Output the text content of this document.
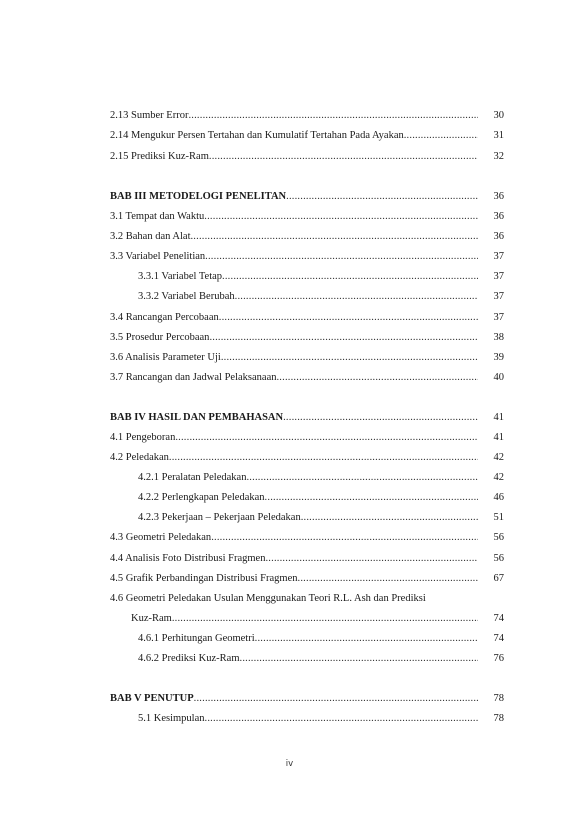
2.13 Sumber Error .....	30
2.14 Mengukur Persen Tertahan dan Kumulatif Tertahan Pada Ayakan .....	31
2.15 Prediksi Kuz-Ram .....	32
BAB III METODELOGI PENELITAN .....	36
3.1 Tempat dan Waktu .....	36
3.2 Bahan dan Alat .....	36
3.3 Variabel Penelitian .....	37
3.3.1 Variabel Tetap .....	37
3.3.2 Variabel Berubah .....	37
3.4 Rancangan Percobaan .....	37
3.5 Prosedur Percobaan .....	38
3.6 Analisis Parameter Uji .....	39
3.7 Rancangan dan Jadwal Pelaksanaan .....	40
BAB IV HASIL DAN PEMBAHASAN .....	41
4.1 Pengeboran .....	41
4.2 Peledakan .....	42
4.2.1 Peralatan Peledakan .....	42
4.2.2 Perlengkapan Peledakan .....	46
4.2.3 Pekerjaan – Pekerjaan Peledakan .....	51
4.3 Geometri Peledakan .....	56
4.4 Analisis Foto Distribusi Fragmen .....	56
4.5 Grafik Perbandingan Distribusi Fragmen .....	67
4.6 Geometri Peledakan Usulan Menggunakan Teori R.L. Ash dan Prediksi
Kuz-Ram .....	74
4.6.1 Perhitungan Geometri .....	74
4.6.2 Prediksi Kuz-Ram .....	76
BAB V PENUTUP .....	78
5.1 Kesimpulan .....	78
iv
